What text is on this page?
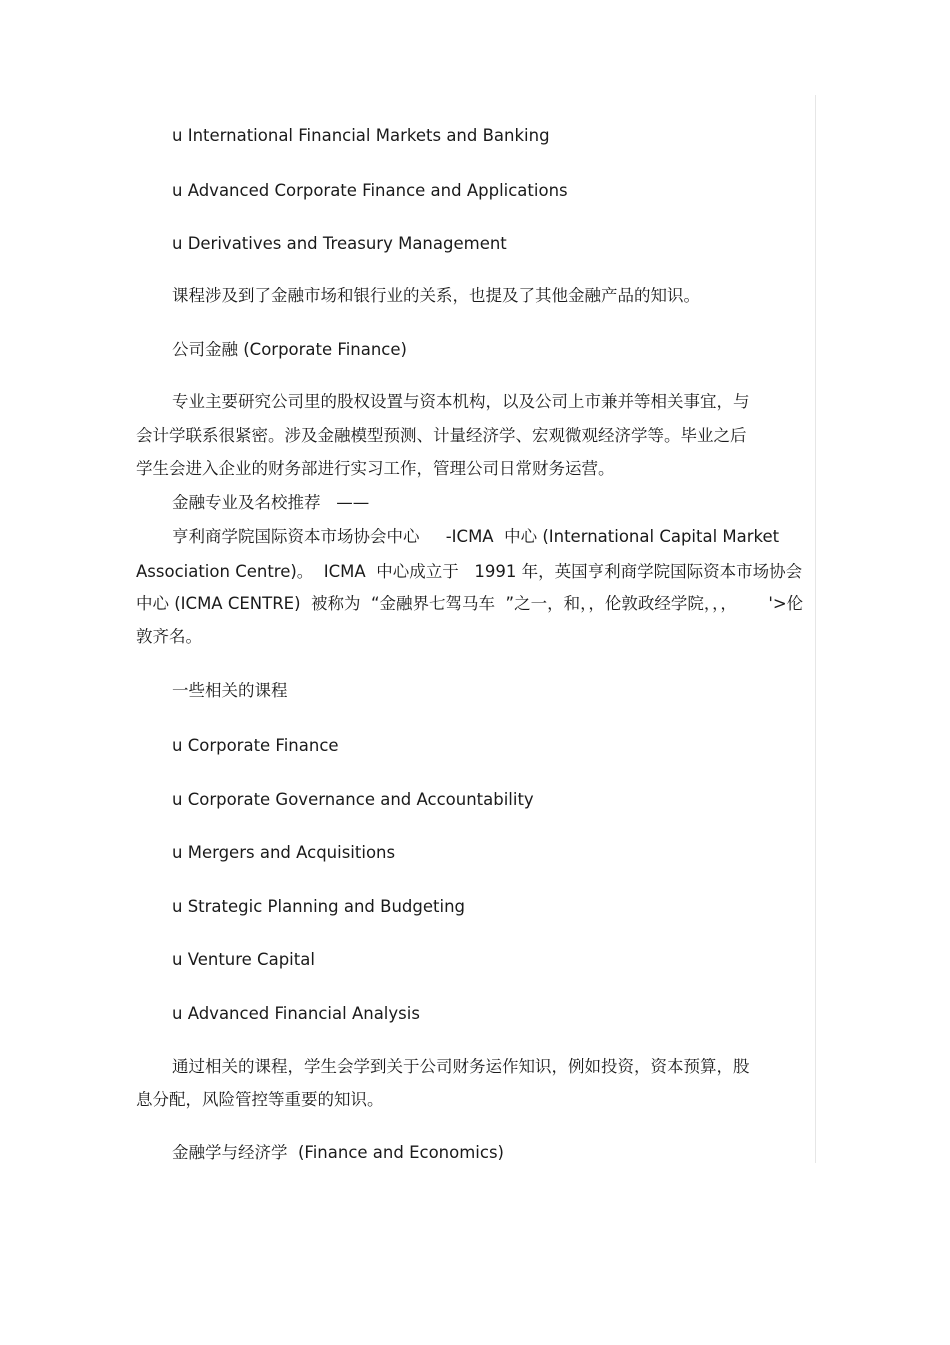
u International Financial Markets and Banking
u Advanced Corporate Finance and Applications
u Derivatives and Treasury Management
课程涉及到了金融市场和银行业的关系，也提及了其他金融产品的知识。
公司金融 (Corporate Finance)
专业主要研究公司里的股权设置与资本机构，以及公司上市兼并等相关事宜，与
会计学联系很紧密。涉及金融模型预测、计量经济学、宏观微观经济学等。毕业之后
学生会进入企业的财务部进行实习工作，管理公司日常财务运营。
金融专业及名校推荐   ——
亨利商学院国际资本市场协会中心     -ICMA  中心 (International Capital Market
Association Centre)。  ICMA  中心成立于   1991 年，英国亨利商学院国际资本市场协会
中心 (ICMA CENTRE)  被称为  “金融界七驾马车  ”之一，和，，伦敦政经学院，，，      '>伦
敦齐名。
一些相关的课程
u Corporate Finance
u Corporate Governance and Accountability
u Mergers and Acquisitions
u Strategic Planning and Budgeting
u Venture Capital
u Advanced Financial Analysis
通过相关的课程，学生会学到关于公司财务运作知识，例如投资，资本预算，股
息分配，风险管控等重要的知识。
金融学与经济学  (Finance and Economics)
